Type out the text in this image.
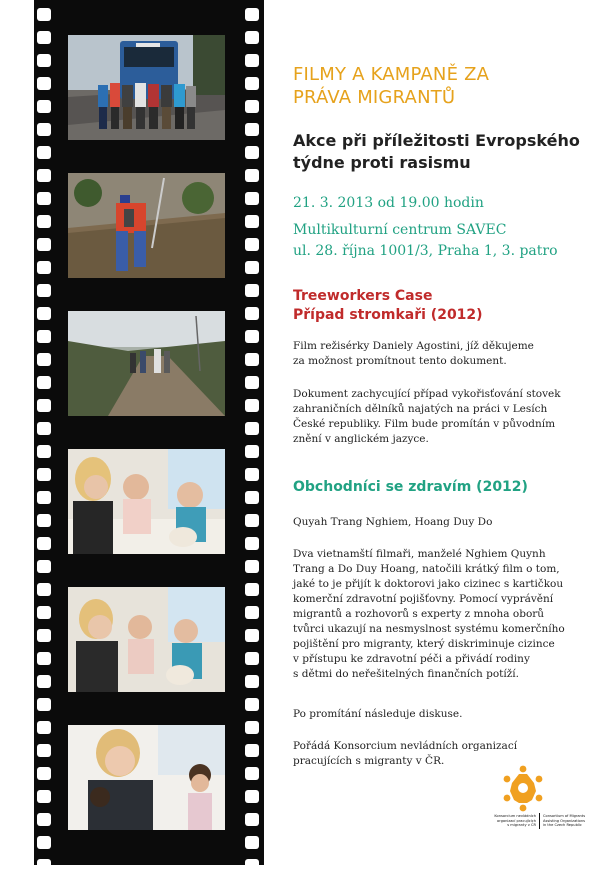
FILMY A KAMPANĚ ZA
PRÁVA MIGRANTŮ
Akce při příležitosti Evropského
týdne proti rasismu

21. 3. 2013 od 19.00 hodin

Multikulturní centrum SAVEC

ul. 28. října 1001/3, Praha 1, 3. patro

Treeworkers Case
Případ stromkaři (2012)

Film režisérky Daniely Agostini, jíž děkujeme
za možnost promítnout tento dokument.

Dokument zachycující případ vykořisťování stovek
zahraničních dělníků najatých na práci v Lesích
České republiky. Film bude promítán v původním
znění v anglickém jazyce.

Obchodníci se zdravím (2012)

Quyah Trang Nghiem, Hoang Duy Do

Dva vietnamští filmaři, manželé Nghiem Quynh
Trang a Do Duy Hoang, natočili krátký film o tom,
jaké to je přijít k doktorovi jako cizinec s kartičkou
komerční zdravotní pojišťovny. Pomocí vyprávění
migrantů a rozhovorů s experty z mnoha oborů
tvůrci ukazují na nesmyslnost systému komerčního
pojištění pro migranty, který diskriminuje cizince
v přístupu ke zdravotní péči a přivádí rodiny
s dětmi do neřešitelných finančních potíží.

Po promítání následuje diskuse.

Pořádá Konsorcium nevládních organizací
pracujících s migranty v ČR.

Konsorcium nevládních
organizací pracujících
s migranty v ČR
Consortium of Migrants
Assisting Organizations
in the Czech Republic
